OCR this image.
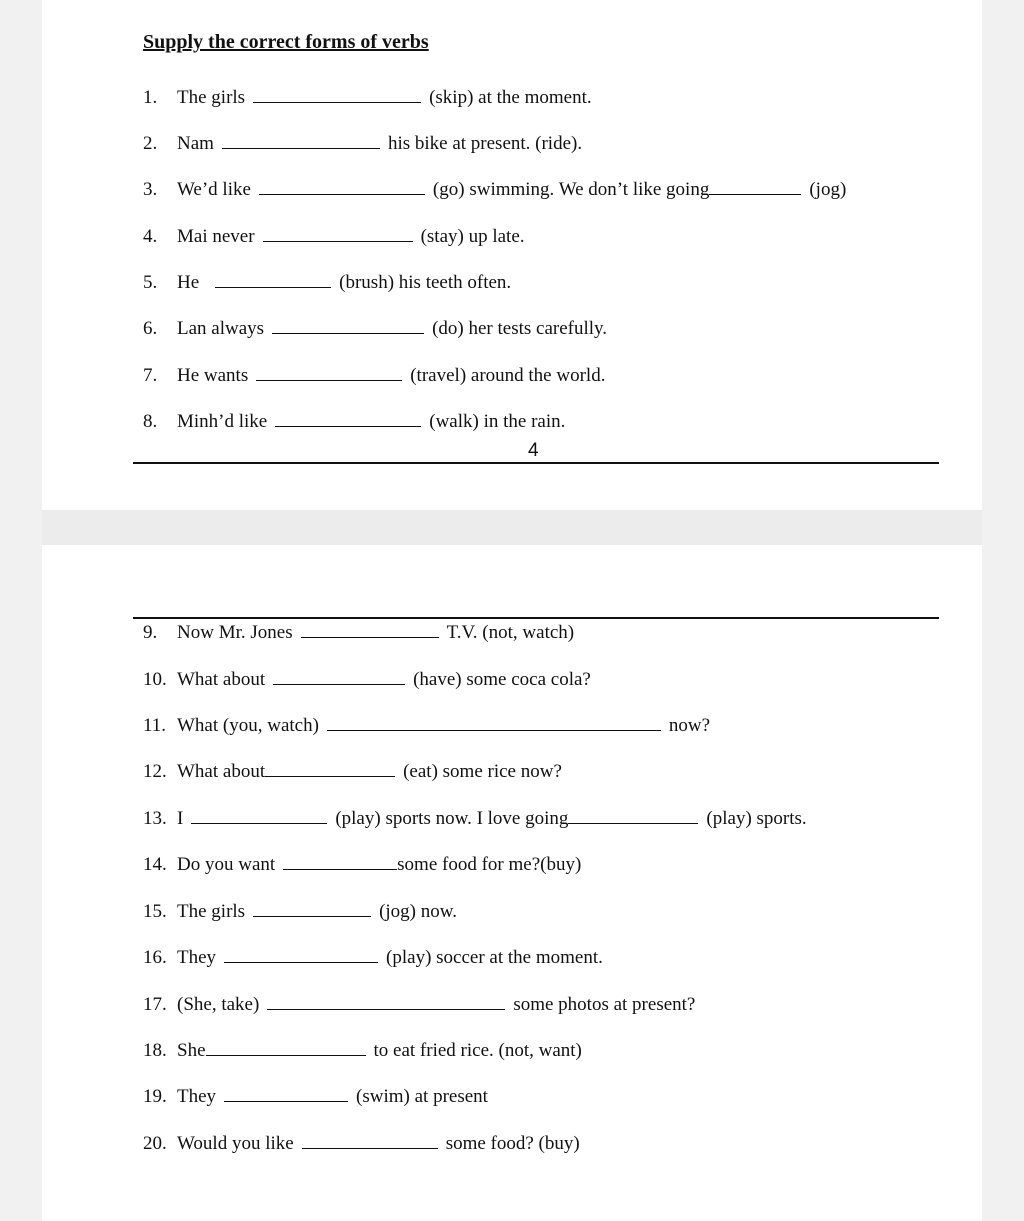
Supply the correct forms of verbs
1.	The girls	(skip) at the moment.
2.	Nam	his bike at present. (ride).
3.	We’d like	(go) swimming. We don’t like going	(jog)
4.	Mai never	(stay) up late.
5.	He	(brush) his teeth often.
6.	Lan always	(do) her tests carefully.
7.	He wants	(travel) around the world.
8.	Minh’d like	(walk) in the rain.
4
9.	Now Mr. Jones	T.V. (not, watch)
10. What about	(have) some coca cola?
11. What (you, watch)	now?
12. What about	(eat) some rice now?
13. I	(play) sports now. I love going	(play) sports.
14. Do you want	some food for me?(buy)
15. The girls	(jog) now.
16. They	(play) soccer at the moment.
17. (She, take)	some photos at present?
18. She	to eat fried rice. (not, want)
19. They	(swim) at present
20. Would you like	some food? (buy)
